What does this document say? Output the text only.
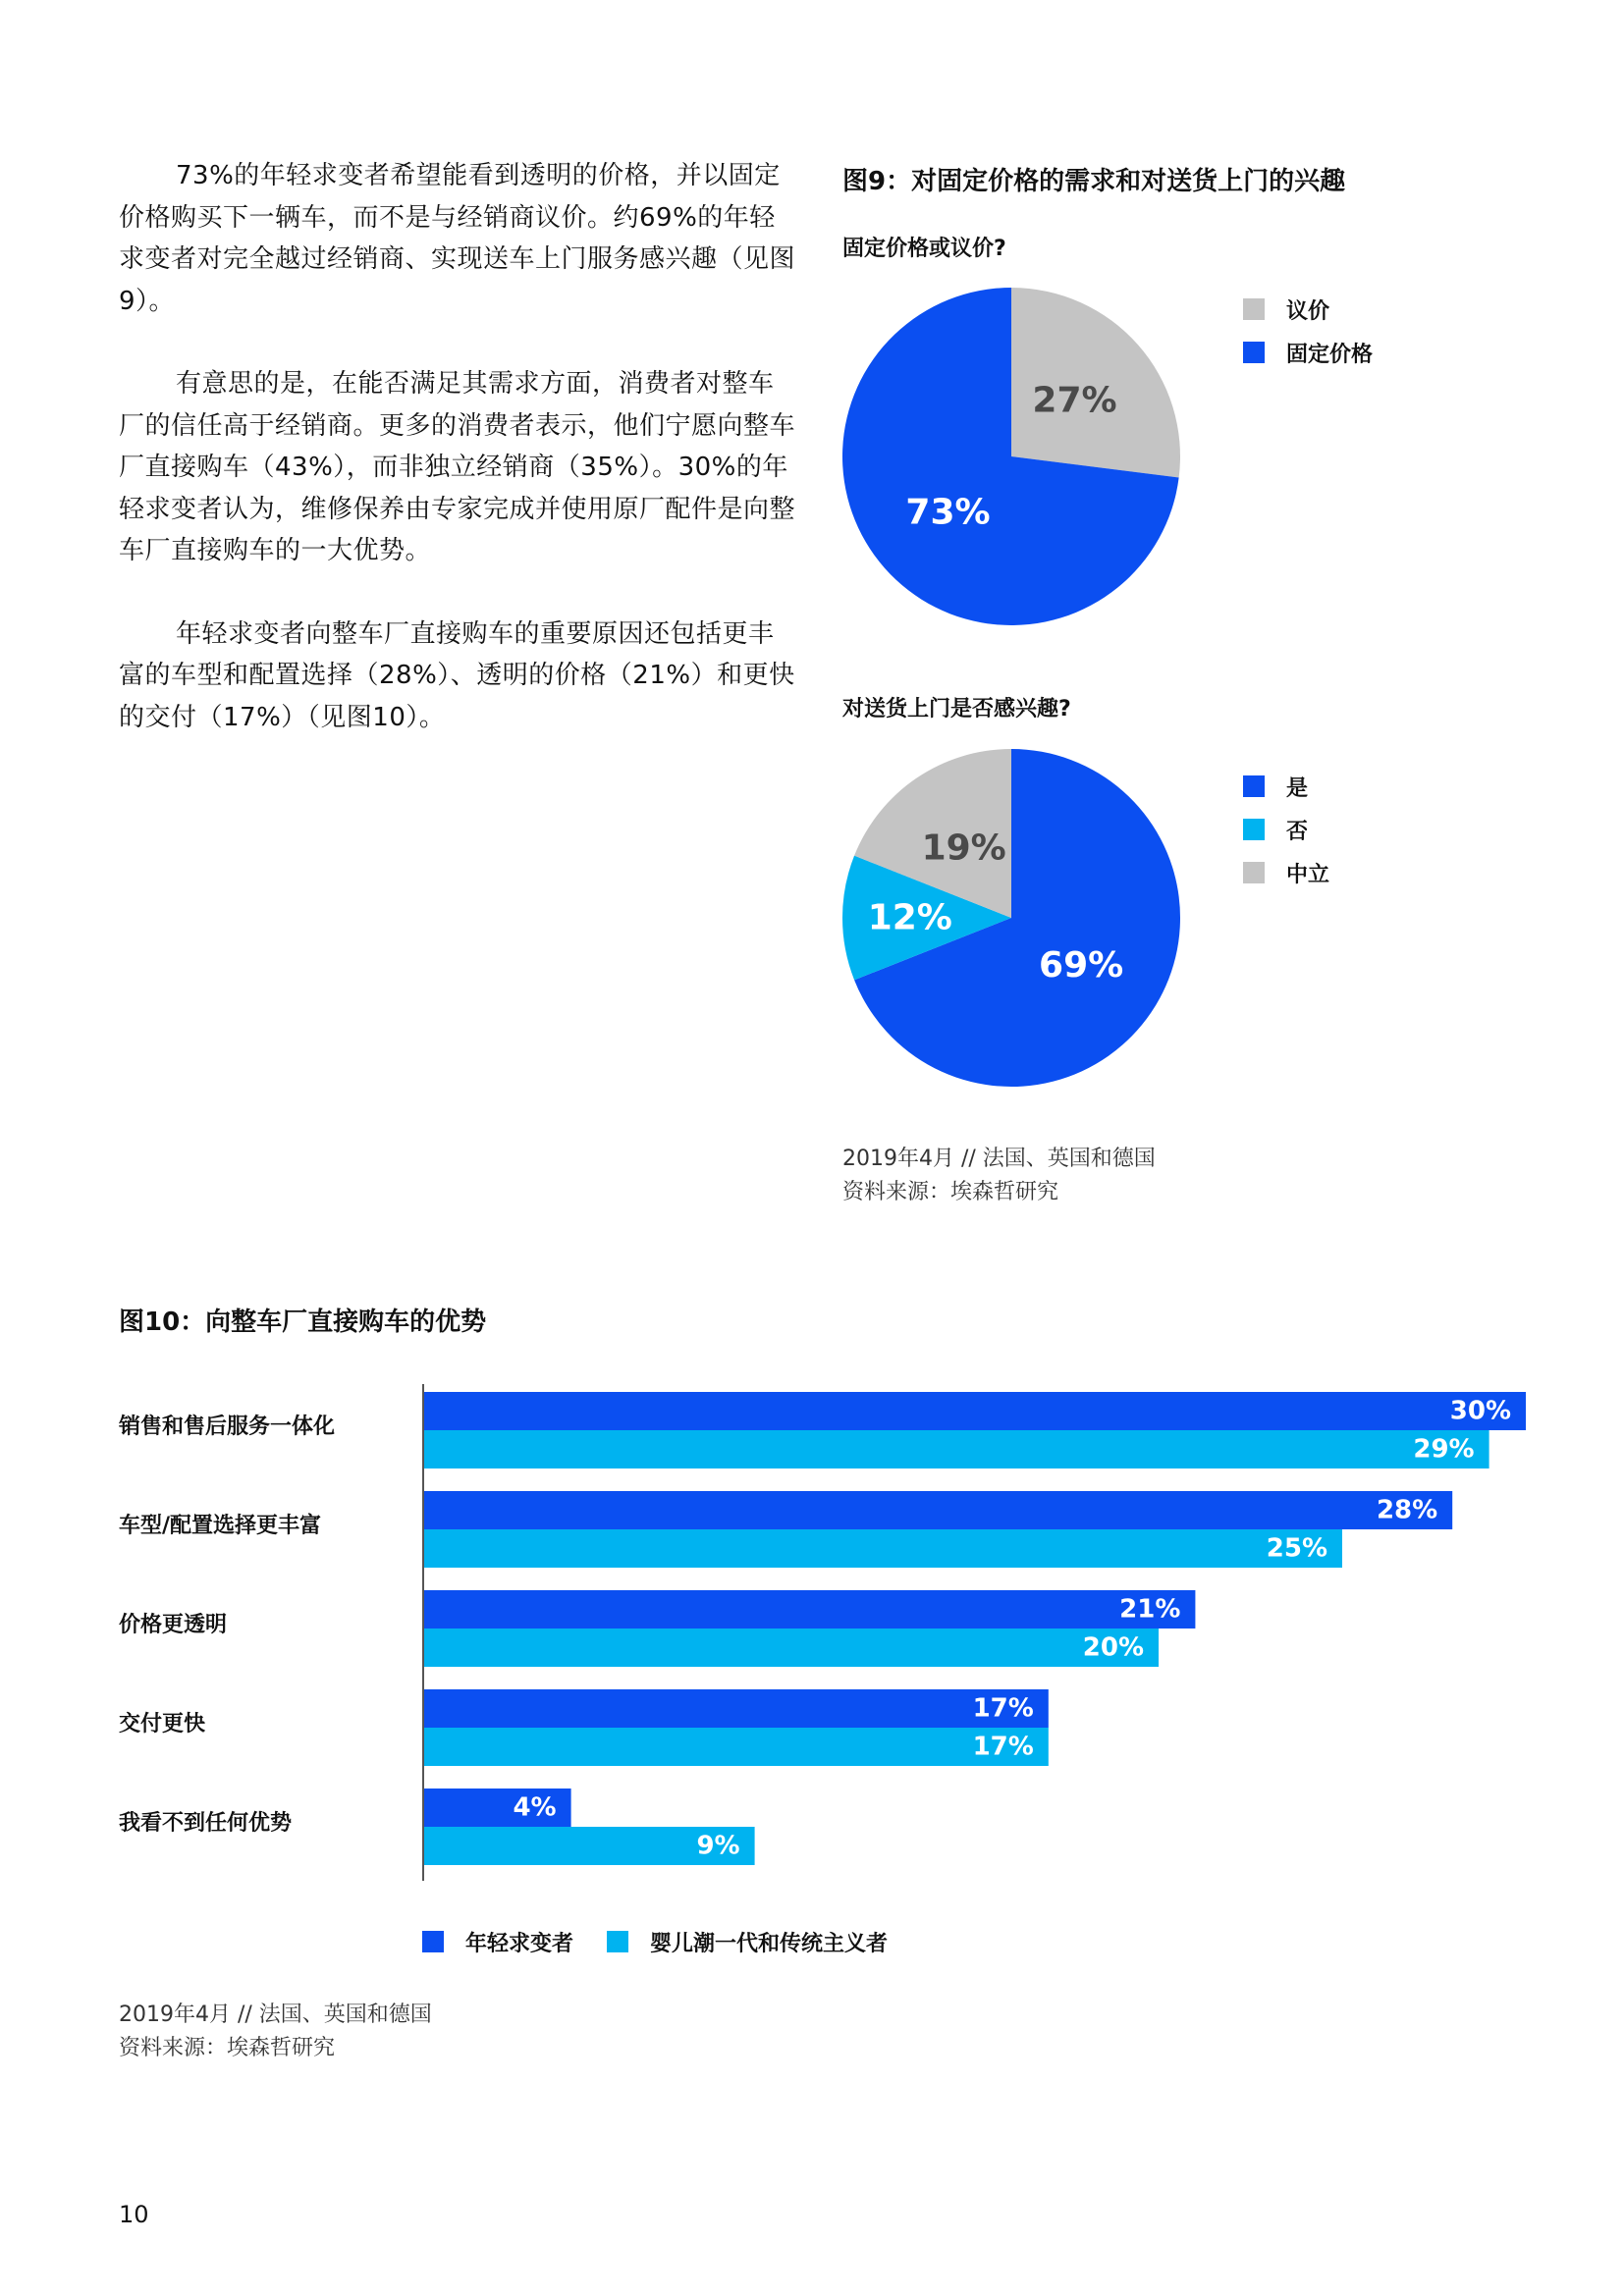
73%的年轻求变者希望能看到透明的价格，并以固定价格购买下一辆车，而不是与经销商议价。约69%的年轻求变者对完全越过经销商、实现送车上门服务感兴趣（见图9）。

有意思的是，在能否满足其需求方面，消费者对整车厂的信任高于经销商。更多的消费者表示，他们宁愿向整车厂直接购车（43%），而非独立经销商（35%）。30%的年轻求变者认为，维修保养由专家完成并使用原厂配件是向整车厂直接购车的一大优势。

年轻求变者向整车厂直接购车的重要原因还包括更丰富的车型和配置选择（28%）、透明的价格（21%）和更快的交付（17%）（见图10）。

图9：对固定价格的需求和对送货上门的兴趣
固定价格或议价?
27%
73%
议价
固定价格
对送货上门是否感兴趣?
69%
12%
19%
是
否
中立
2019年4月 // 法国、英国和德国
资料来源：埃森哲研究
图10：向整车厂直接购车的优势
销售和售后服务一体化
车型/配置选择更丰富
价格更透明
交付更快
我看不到任何优势
30%
29%
28%
25%
21%
20%
17%
17%
4%
9%
年轻求变者	婴儿潮一代和传统主义者
2019年4月 // 法国、英国和德国
资料来源：埃森哲研究
10
